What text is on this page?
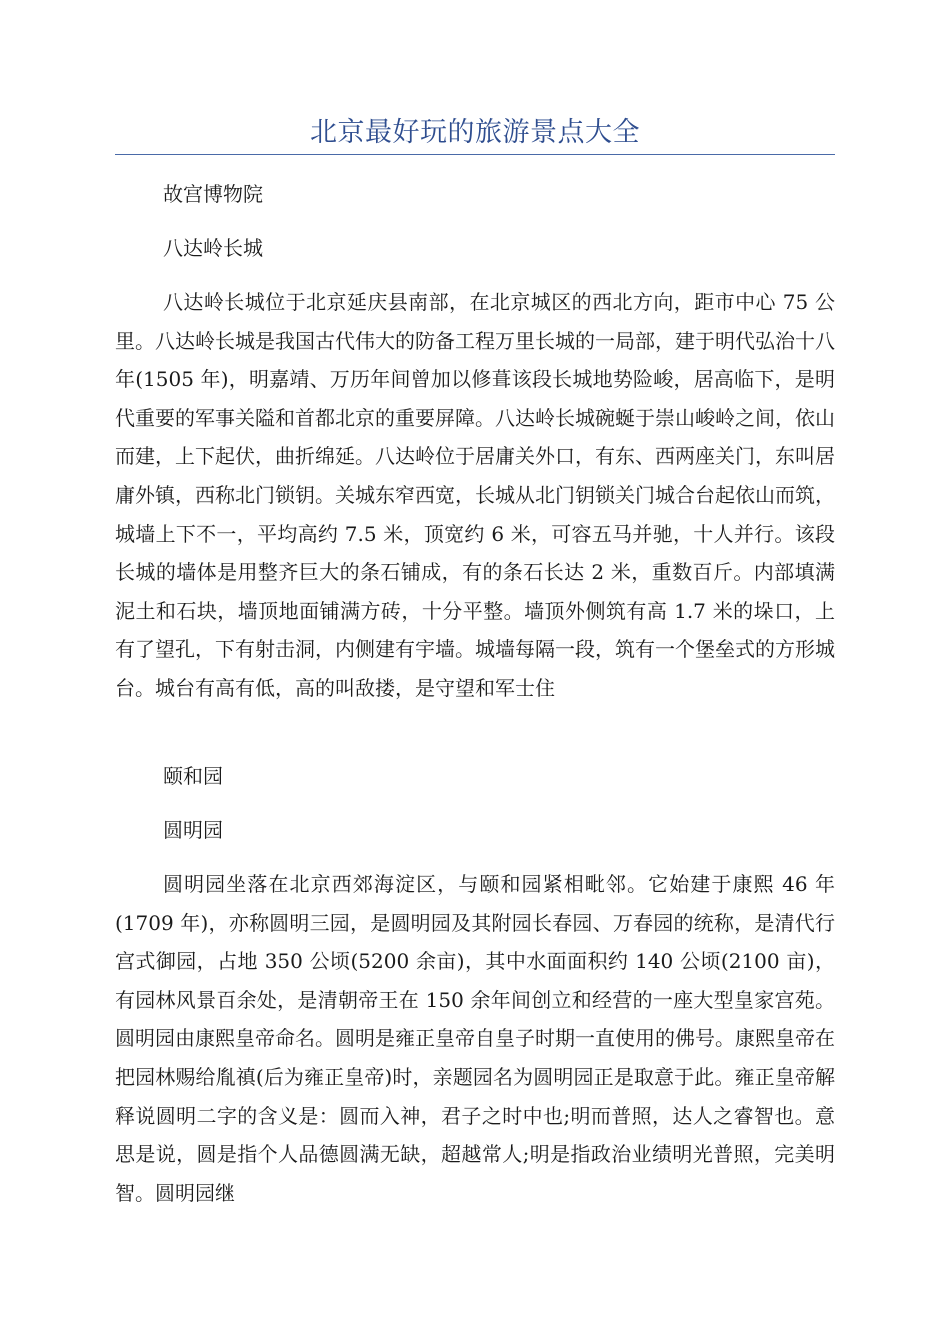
北京最好玩的旅游景点大全

故宫博物院

八达岭长城

八达岭长城位于北京延庆县南部，在北京城区的西北方向，距市中心 75 公里。八达岭长城是我国古代伟大的防备工程万里长城的一局部，建于明代弘治十八年(1505 年)，明嘉靖、万历年间曾加以修葺该段长城地势险峻，居高临下，是明代重要的军事关隘和首都北京的重要屏障。八达岭长城碗蜒于崇山峻岭之间，依山而建，上下起伏，曲折绵延。八达岭位于居庸关外口，有东、西两座关门，东叫居庸外镇，西称北门锁钥。关城东窄西宽，长城从北门钥锁关门城合台起依山而筑，城墙上下不一，平均高约 7.5 米，顶宽约 6 米，可容五马并驰，十人并行。该段长城的墙体是用整齐巨大的条石铺成，有的条石长达 2 米，重数百斤。内部填满泥土和石块，墙顶地面铺满方砖，十分平整。墙顶外侧筑有高 1.7 米的垛口，上有了望孔，下有射击洞，内侧建有宇墙。城墙每隔一段，筑有一个堡垒式的方形城台。城台有高有低，高的叫敌搂，是守望和军士住

颐和园

圆明园

圆明园坐落在北京西郊海淀区，与颐和园紧相毗邻。它始建于康熙 46 年(1709 年)，亦称圆明三园，是圆明园及其附园长春园、万春园的统称，是清代行宫式御园，占地 350 公顷(5200 余亩)，其中水面面积约 140 公顷(2100 亩)，有园林风景百余处，是清朝帝王在 150 余年间创立和经营的一座大型皇家宫苑。圆明园由康熙皇帝命名。圆明是雍正皇帝自皇子时期一直使用的佛号。康熙皇帝在把园林赐给胤禛(后为雍正皇帝)时，亲题园名为圆明园正是取意于此。雍正皇帝解释说圆明二字的含义是：圆而入神，君子之时中也;明而普照，达人之睿智也。意思是说，圆是指个人品德圆满无缺，超越常人;明是指政治业绩明光普照，完美明智。圆明园继
